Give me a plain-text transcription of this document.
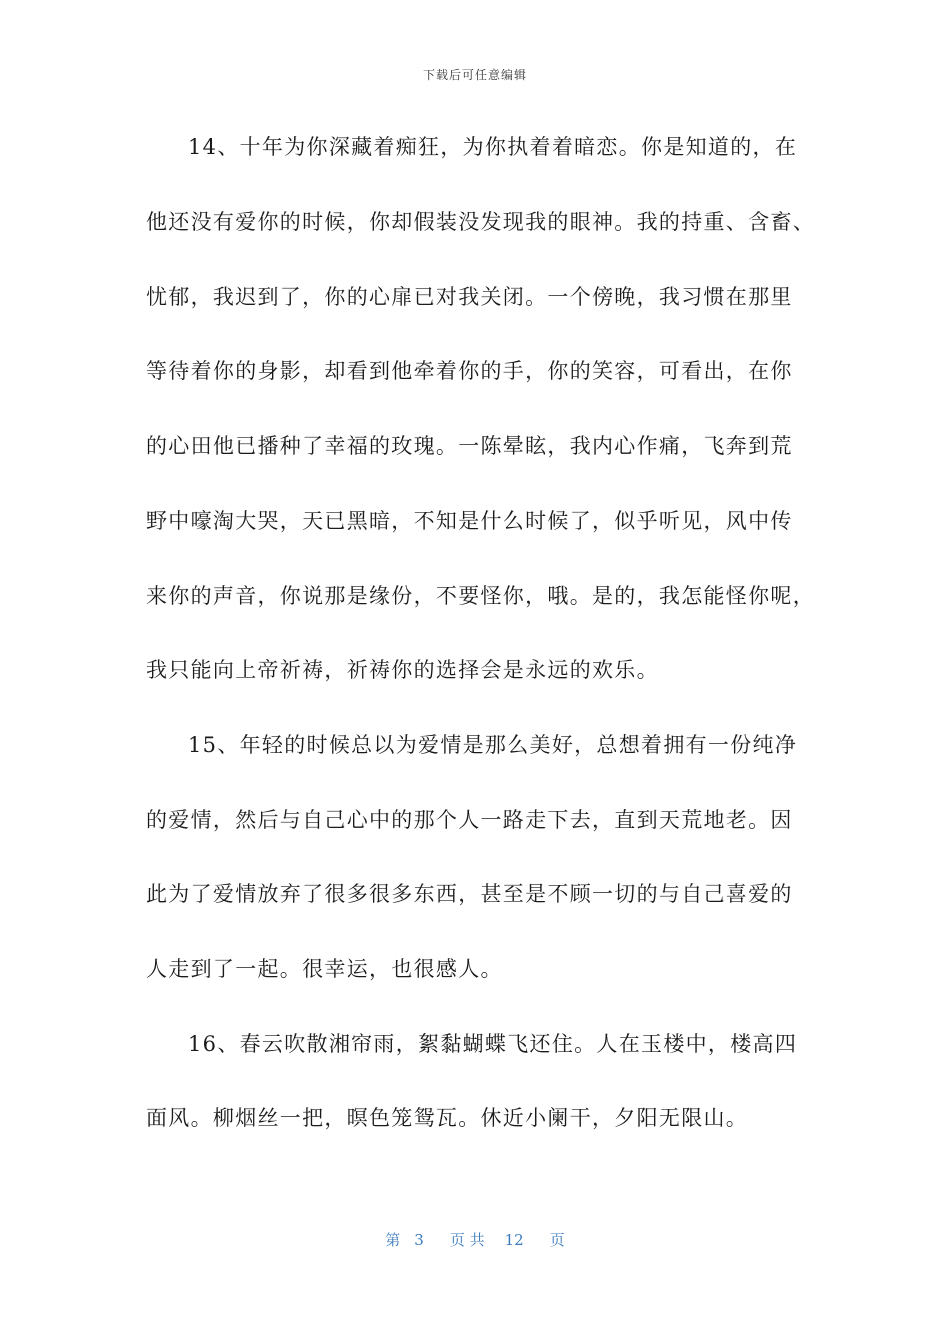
下载后可任意编辑
14、十年为你深藏着痴狂，为你执着着暗恋。你是知道的，在
他还没有爱你的时候，你却假装没发现我的眼神。我的持重、含畜、
忧郁，我迟到了，你的心扉已对我关闭。一个傍晚，我习惯在那里
等待着你的身影，却看到他牵着你的手，你的笑容，可看出，在你
的心田他已播种了幸福的玫瑰。一陈晕眩，我内心作痛，飞奔到荒
野中嚎淘大哭，天已黑暗，不知是什么时候了，似乎听见，风中传
来你的声音，你说那是缘份，不要怪你，哦。是的，我怎能怪你呢，
我只能向上帝祈祷，祈祷你的选择会是永远的欢乐。
15、年轻的时候总以为爱情是那么美好，总想着拥有一份纯净
的爱情，然后与自己心中的那个人一路走下去，直到天荒地老。因
此为了爱情放弃了很多很多东西，甚至是不顾一切的与自己喜爱的
人走到了一起。很幸运，也很感人。
16、春云吹散湘帘雨，絮黏蝴蝶飞还住。人在玉楼中，楼高四
面风。柳烟丝一把，暝色笼鸳瓦。休近小阑干，夕阳无限山。
第 3 页 共 12 页
